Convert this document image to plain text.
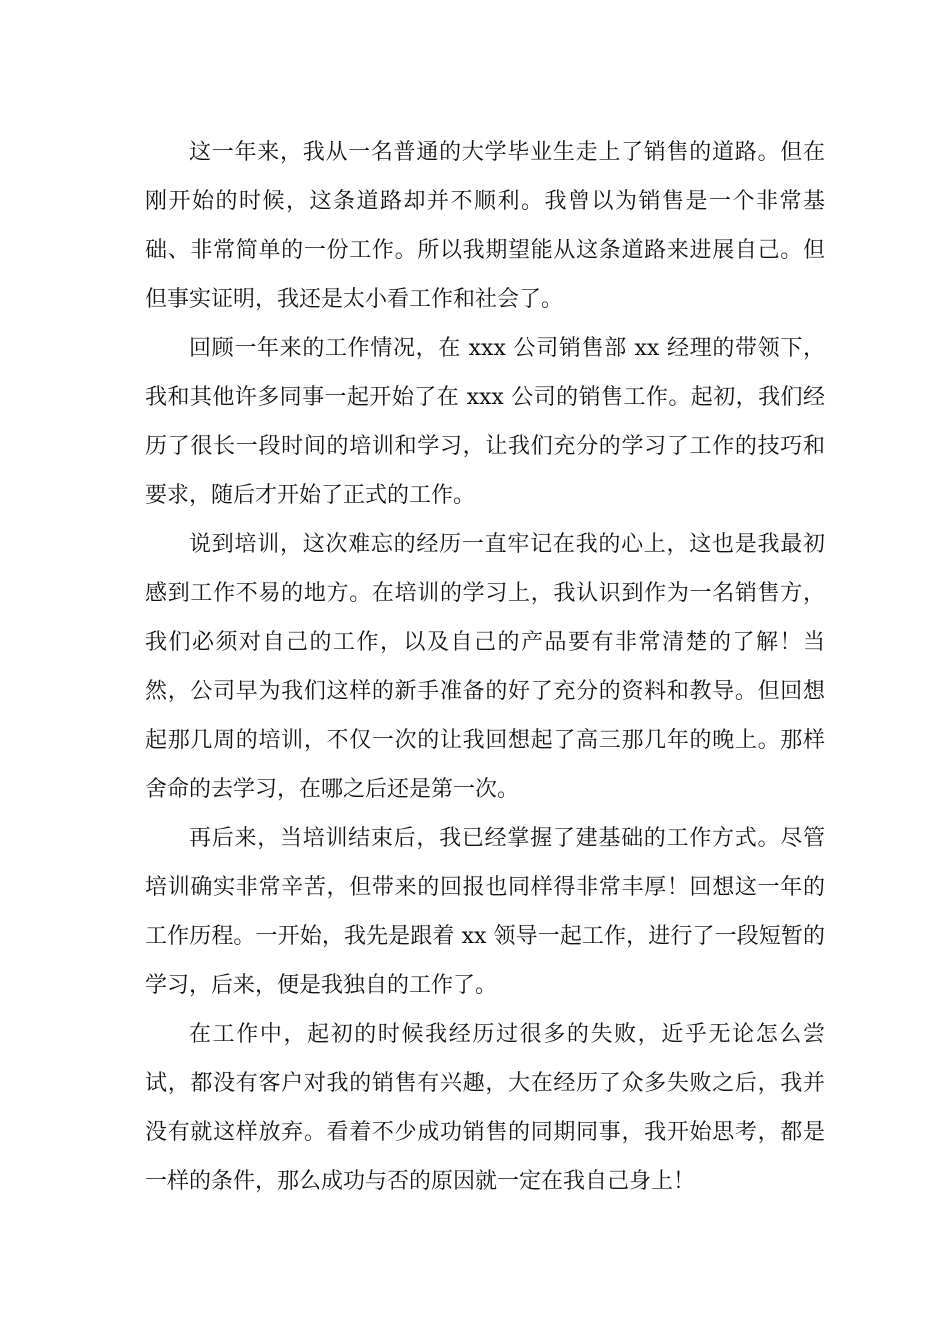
这一年来，我从一名普通的大学毕业生走上了销售的道路。但在刚开始的时候，这条道路却并不顺利。我曾以为销售是一个非常基础、非常简单的一份工作。所以我期望能从这条道路来进展自己。但但事实证明，我还是太小看工作和社会了。

回顾一年来的工作情况，在 xxx 公司销售部 xx 经理的带领下，我和其他许多同事一起开始了在 xxx 公司的销售工作。起初，我们经历了很长一段时间的培训和学习，让我们充分的学习了工作的技巧和要求，随后才开始了正式的工作。

说到培训，这次难忘的经历一直牢记在我的心上，这也是我最初感到工作不易的地方。在培训的学习上，我认识到作为一名销售方，我们必须对自己的工作，以及自己的产品要有非常清楚的了解！当然，公司早为我们这样的新手准备的好了充分的资料和教导。但回想起那几周的培训，不仅一次的让我回想起了高三那几年的晚上。那样舍命的去学习，在哪之后还是第一次。

再后来，当培训结束后，我已经掌握了建基础的工作方式。尽管培训确实非常辛苦，但带来的回报也同样得非常丰厚！回想这一年的工作历程。一开始，我先是跟着 xx 领导一起工作，进行了一段短暂的学习，后来，便是我独自的工作了。

在工作中，起初的时候我经历过很多的失败，近乎无论怎么尝试，都没有客户对我的销售有兴趣，大在经历了众多失败之后，我并没有就这样放弃。看着不少成功销售的同期同事，我开始思考，都是一样的条件，那么成功与否的原因就一定在我自己身上！
